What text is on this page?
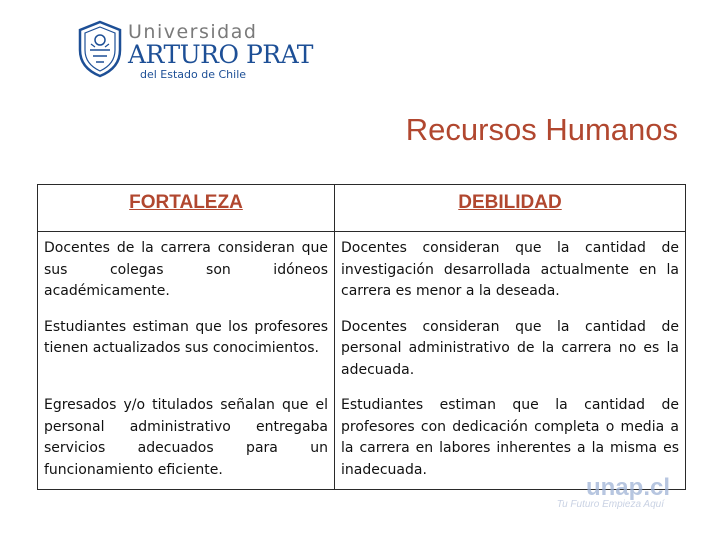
Universidad
ARTURO PRAT
del Estado de Chile
Recursos Humanos
FORTALEZA	DEBILIDAD
Docentes de la carrera consideran que sus colegas son idóneos académicamente.	Docentes consideran que la cantidad de investigación desarrollada actualmente en la carrera es menor a la deseada.
Estudiantes estiman que los profesores tienen actualizados sus conocimientos.	Docentes consideran que la cantidad de personal administrativo de la carrera no es la adecuada.
Egresados y/o titulados señalan que el personal administrativo entregaba servicios adecuados para un funcionamiento eficiente.	Estudiantes estiman que la cantidad de profesores con dedicación completa o media a la carrera en labores inherentes a la misma es inadecuada.
unap.cl
Tu Futuro Empieza Aquí
